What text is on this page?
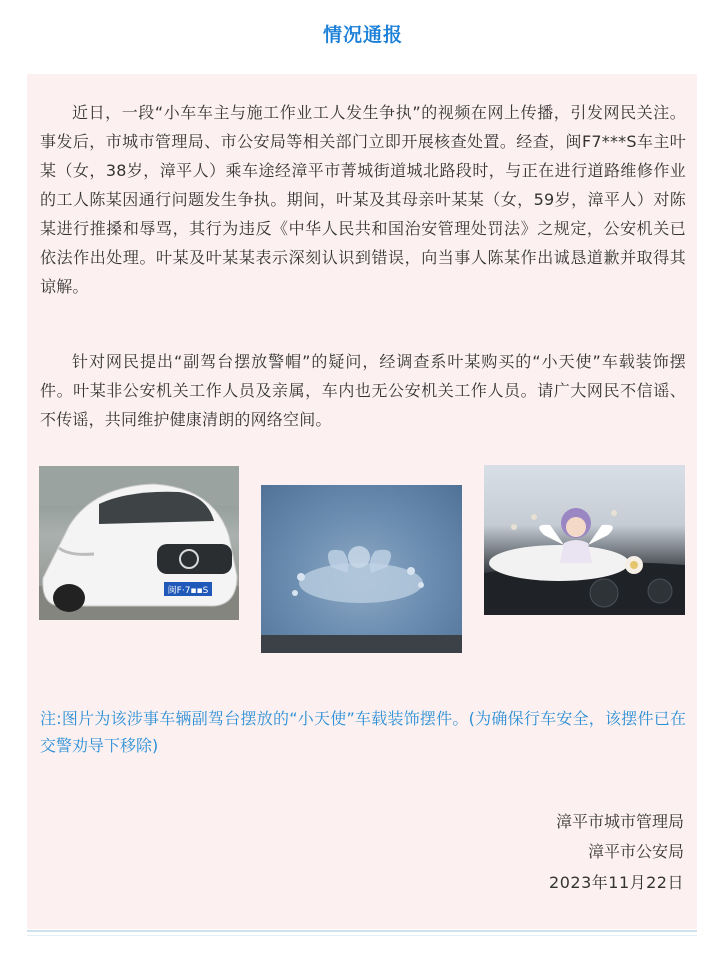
情况通报

近日，一段“小车车主与施工作业工人发生争执”的视频在网上传播，引发网民关注。事发后，市城市管理局、市公安局等相关部门立即开展核查处置。经查，闽F7***S车主叶某（女，38岁，漳平人）乘车途经漳平市菁城街道城北路段时，与正在进行道路维修作业的工人陈某因通行问题发生争执。期间，叶某及其母亲叶某某（女，59岁，漳平人）对陈某进行推搡和辱骂，其行为违反《中华人民共和国治安管理处罚法》之规定，公安机关已依法作出处理。叶某及叶某某表示深刻认识到错误，向当事人陈某作出诚恳道歉并取得其谅解。

针对网民提出“副驾台摆放警帽”的疑问，经调查系叶某购买的“小天使”车载装饰摆件。叶某非公安机关工作人员及亲属，车内也无公安机关工作人员。请广大网民不信谣、不传谣，共同维护健康清朗的网络空间。

闽F·7▪▪S

注:图片为该涉事车辆副驾台摆放的“小天使”车载装饰摆件。(为确保行车安全，该摆件已在交警劝导下移除)

漳平市城市管理局
漳平市公安局
2023年11月22日
